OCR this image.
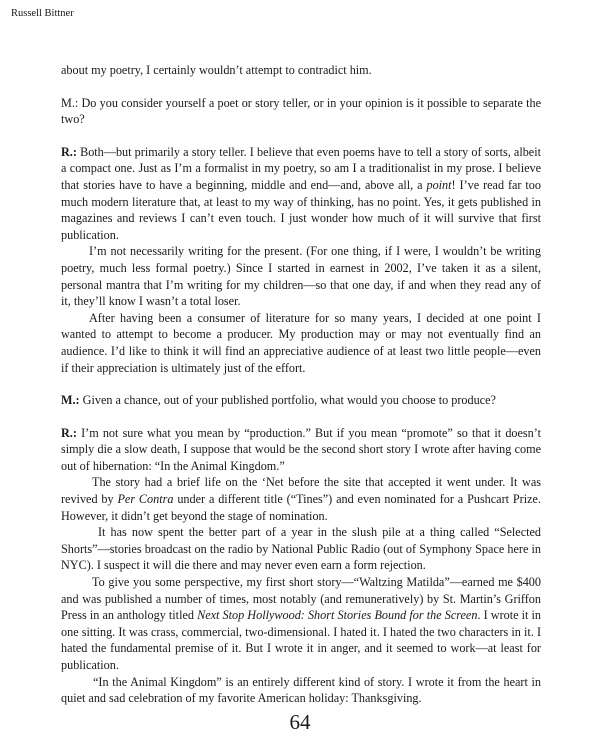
Russell Bittner

about my poetry, I certainly wouldn’t attempt to contradict him.

M.: Do you consider yourself a poet or story teller, or in your opinion is it possible to separate the two?

R.: Both—but primarily a story teller. I believe that even poems have to tell a story of sorts, albeit a compact one. Just as I’m a formalist in my poetry, so am I a traditionalist in my prose. I believe that stories have to have a beginning, middle and end—and, above all, a point! I’ve read far too much modern literature that, at least to my way of thinking, has no point. Yes, it gets published in magazines and reviews I can’t even touch. I just wonder how much of it will survive that first publication.

I’m not necessarily writing for the present. (For one thing, if I were, I wouldn’t be writing poetry, much less formal poetry.) Since I started in earnest in 2002, I’ve taken it as a silent, personal mantra that I’m writing for my children—so that one day, if and when they read any of it, they’ll know I wasn’t a total loser.

After having been a consumer of literature for so many years, I decided at one point I wanted to attempt to become a producer. My production may or may not eventually find an audience. I’d like to think it will find an appreciative audience of at least two little people—even if their appreciation is ultimately just of the effort.

M.: Given a chance, out of your published portfolio, what would you choose to produce?

R.: I’m not sure what you mean by “production.” But if you mean “promote” so that it doesn’t simply die a slow death, I suppose that would be the second short story I wrote after having come out of hibernation: “In the Animal Kingdom.”

The story had a brief life on the ‘Net before the site that accepted it went under. It was revived by Per Contra under a different title (“Tines”) and even nominated for a Pushcart Prize. However, it didn’t get beyond the stage of nomination.

It has now spent the better part of a year in the slush pile at a thing called “Selected Shorts”—stories broadcast on the radio by National Public Radio (out of Symphony Space here in NYC). I suspect it will die there and may never even earn a form rejection.

To give you some perspective, my first short story—“Waltzing Matilda”—earned me $400 and was published a number of times, most notably (and remuneratively) by St. Martin’s Griffon Press in an anthology titled Next Stop Hollywood: Short Stories Bound for the Screen. I wrote it in one sitting. It was crass, commercial, two-dimensional. I hated it. I hated the two characters in it. I hated the fundamental premise of it. But I wrote it in anger, and it seemed to work—at least for publication.

“In the Animal Kingdom” is an entirely different kind of story. I wrote it from the heart in quiet and sad celebration of my favorite American holiday: Thanksgiving.

64
